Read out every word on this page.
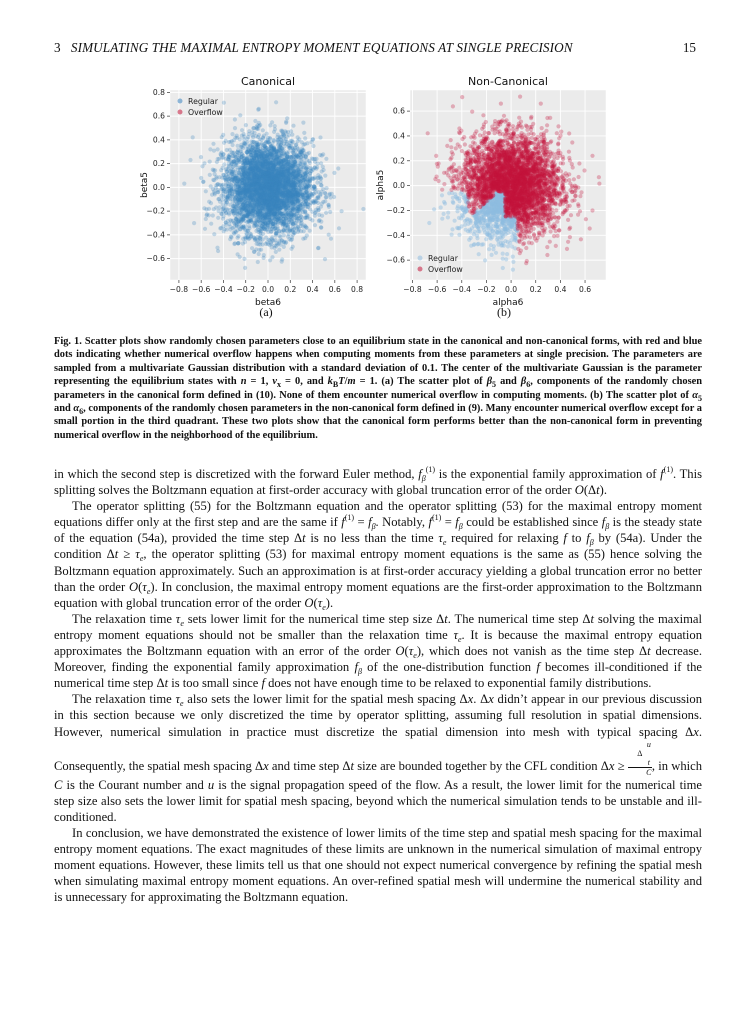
3 SIMULATING THE MAXIMAL ENTROPY MOMENT EQUATIONS AT SINGLE PRECISION	15
−0.8 −0.6 −0.4 −0.2 0.0 0.2 0.4 0.6 0.8
−0.6
−0.4
−0.2
0.0
0.2
0.4
0.6
0.8
Canonical
beta6
beta5
Regular
Overflow
−0.8 −0.6 −0.4 −0.2 0.0 0.2 0.4 0.6
−0.6
−0.4
−0.2
0.0
0.2
0.4
0.6
Non-Canonical
alpha6
alpha5
Regular
Overflow
(a)	(b)
Fig. 1. Scatter plots show randomly chosen parameters close to an equilibrium state in the canonical and non-canonical forms, with red and blue dots indicating whether numerical overflow happens when computing moments from these parameters at single precision. The parameters are sampled from a multivariate Gaussian distribution with a standard deviation of 0.1. The center of the multivariate Gaussian is the parameter representing the equilibrium states with n = 1, $v_x = 0$, and $k_BT/m = 1$. (a) The scatter plot of $\beta_5$ and $\beta_6$, components of the randomly chosen parameters in the canonical form defined in (10). None of them encounter numerical overflow in computing moments. (b) The scatter plot of $\alpha_5$ and $\alpha_6$, components of the randomly chosen parameters in the non-canonical form defined in (9). Many encounter numerical overflow except for a small portion in the third quadrant. These two plots show that the canonical form performs better than the non-canonical form in preventing numerical overflow in the neighborhood of the equilibrium.

in which the second step is discretized with the forward Euler method, $f_\beta^{(1)}$ is the exponential family approximation of $f^{(1)}$. This splitting solves the Boltzmann equation at first-order accuracy with global truncation error of the order O(Δt).

The operator splitting (55) for the Boltzmann equation and the operator splitting (53) for the maximal entropy moment equations differ only at the first step and are the same if $f^{(1)} = f_\beta$. Notably, $f^{(1)} = f_\beta$ could be established since $f_\beta$ is the steady state of the equation (54a), provided the time step Δt is no less than the time $\tau_e$ required for relaxing f to $f_\beta$ by (54a). Under the condition $\Delta t \ge \tau_e$, the operator splitting (53) for maximal entropy moment equations is the same as (55) hence solving the Boltzmann equation approximately. Such an approximation is at first-order accuracy yielding a global truncation error no better than the order $O(\tau_e)$. In conclusion, the maximal entropy moment equations are the first-order approximation to the Boltzmann equation with global truncation error of the order $O(\tau_e)$.

The relaxation time $\tau_e$ sets lower limit for the numerical time step size Δt. The numerical time step Δt solving the maximal entropy moment equations should not be smaller than the relaxation time $\tau_e$. It is because the maximal entropy equation approximates the Boltzmann equation with an error of the order $O(\tau_e)$, which does not vanish as the time step Δt decrease. Moreover, finding the exponential family approximation $f_\beta$ of the one-distribution function f becomes ill-conditioned if the numerical time step Δt is too small since f does not have enough time to be relaxed to exponential family distributions.

The relaxation time $\tau_e$ also sets the lower limit for the spatial mesh spacing Δx. Δx didn’t appear in our previous discussion in this section because we only discretized the time by operator splitting, assuming full resolution in spatial dimensions. However, numerical simulation in practice must discretize the spatial dimension into mesh with typical spacing Δx. Consequently, the spatial mesh spacing Δx and time step Δt size are bounded together by the CFL condition Δx ≥ u
Δ
t
C , in which C is the Courant number and u is the signal propagation speed of the flow. As a result, the lower limit for the numerical time step size also sets the lower limit for spatial mesh spacing, beyond which the numerical simulation tends to be unstable and ill-conditioned.

In conclusion, we have demonstrated the existence of lower limits of the time step and spatial mesh spacing for the maximal entropy moment equations. The exact magnitudes of these limits are unknown in the numerical simulation of maximal entropy moment equations. However, these limits tell us that one should not expect numerical convergence by refining the spatial mesh when simulating maximal entropy moment equations. An over-refined spatial mesh will undermine the numerical stability and is unnecessary for approximating the Boltzmann equation.
